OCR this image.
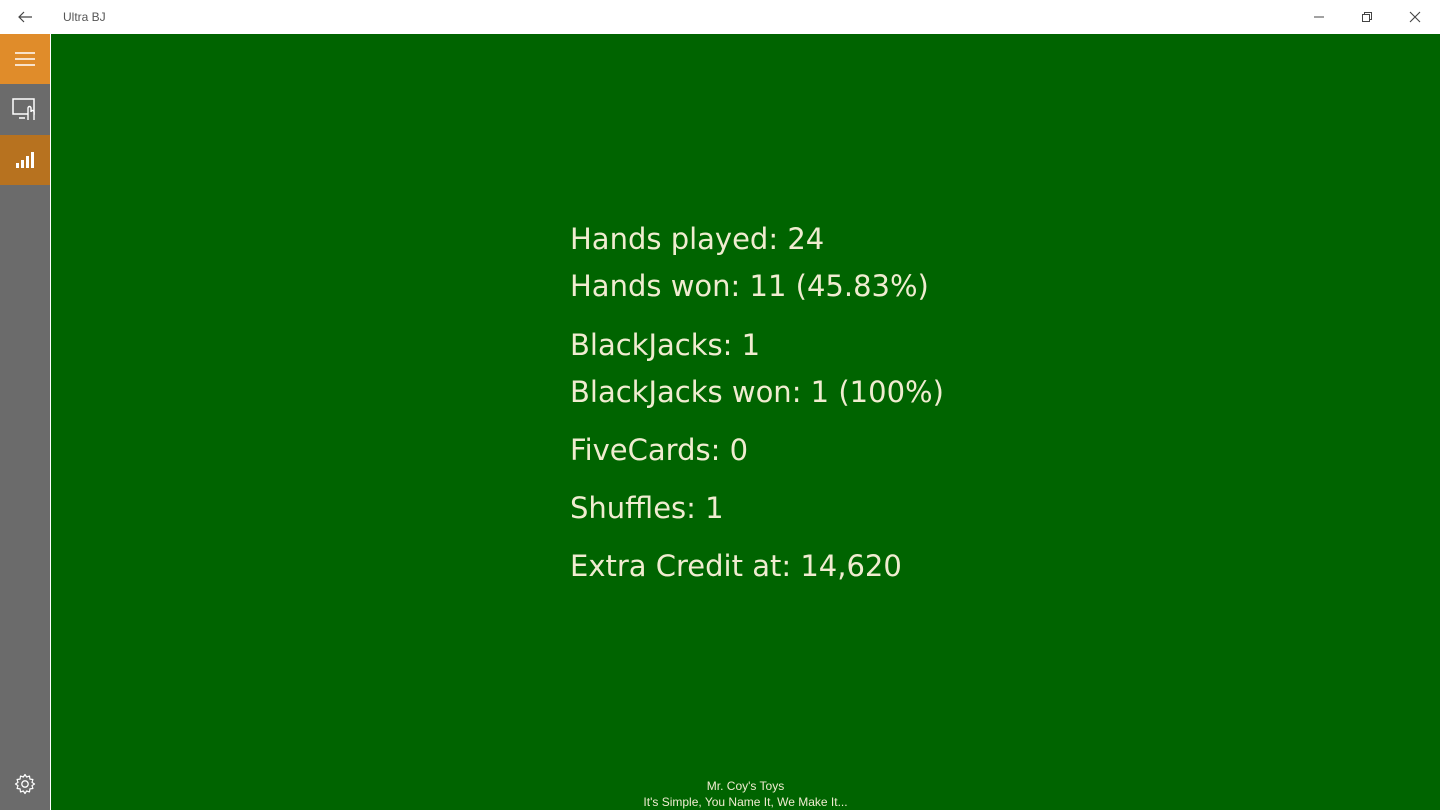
Ultra BJ
Hands played: 24
Hands won: 11 (45.83%)
BlackJacks: 1
BlackJacks won: 1 (100%)
FiveCards: 0
Shuffles: 1
Extra Credit at: 14,620
Mr. Coy's Toys
It's Simple, You Name It, We Make It...
